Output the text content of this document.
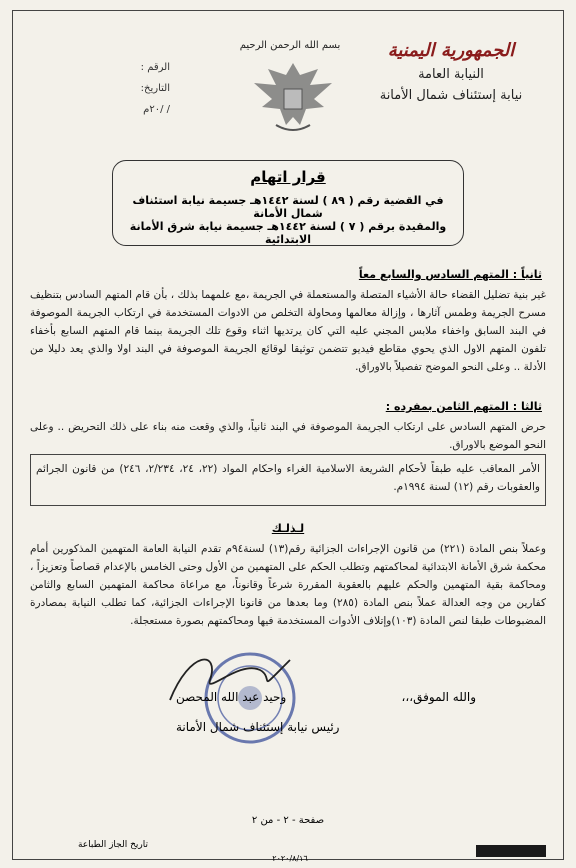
الجمهورية اليمنية
النيابة العامة
نيابة إستئناف شمال الأمانة
بسم الله الرحمن الرحيم
الرقم :
التاريخ:
/ /٢٠م
قرار اتهام
في القضية رقم ( ٨٩ ) لسنة ١٤٤٢هـ جسيمة نيابة استئناف شمال الأمانة
والمقيدة برقم ( ٧ ) لسنة ١٤٤٢هـ جسيمة نيابة شرق الأمانة الابتدائية
ثانياً : المتهم السادس والسابع معاً
غير بنية تضليل القضاء حالة الأشياء المتصلة والمستعملة في الجريمة ،مع علمهما بذلك ، بأن قام المتهم السادس بتنظيف مسرح الجريمة وطمس آثارها ، وإزالة معالمها ومحاولة التخلص من الادوات المستخدمة في ارتكاب الجريمة الموصوفة في البند السابق واخفاء ملابس المجني عليه التي كان يرتديها اثناء وقوع تلك الجريمة بينما قام المتهم السابع بأخفاء تلفون المتهم الاول الذي يحوي مقاطع فيديو تتضمن توثيقا لوقائع الجريمة الموصوفة في البند اولا والذي يعد دليلا من الأدلة .. وعلى النحو الموضح تفصيلاً بالاوراق.
ثالثا : المتهم الثامن بمفرده :
حرض المتهم السادس على ارتكاب الجريمة الموصوفة في البند ثانياً، والذي وقعت منه بناء على ذلك التحريض .. وعلى النحو الموضع بالاوراق.
الأمر المعاقب عليه طبقاً لأحكام الشريعة الاسلامية الغراء واحكام المواد (٢٢، ٢٤، ٢/٢٣٤، ٢٤٦) من قانون الجرائم والعقوبات رقم (١٢) لسنة ١٩٩٤م.
لـذلـك
وعملاً بنص المادة (٢٢١) من قانون الإجراءات الجزائية رقم(١٣) لسنة٩٤م تقدم النيابة العامة المتهمين المذكورين أمام محكمة شرق الأمانة الابتدائية لمحاكمتهم وتطلب الحكم على المتهمين من الأول وحتى الخامس بالإعدام قصاصاً وتعزيزاً ، ومحاكمة بقية المتهمين والحكم عليهم بالعقوبة المقررة شرعاً وقانوناً، مع مراعاة محاكمة المتهمين السابع والثامن كفارين من وجه العدالة عملاً بنص المادة (٢٨٥) وما بعدها من قانونا الإجراءات الجزائية، كما تطلب النيابة بمصادرة المضبوطات طبقا لنص المادة (١٠٣)وإتلاف الأدوات المستخدمة فيها ومحاكمتهم بصورة مستعجلة.
والله الموفق،،،
وحيد عبد الله المحصن
رئيس نيابة إستئناف شمال الأمانة
صفحة - ٢ - من ٢
تاريخ الجاز الطباعة
٢٠٢٠/٨/١٦
